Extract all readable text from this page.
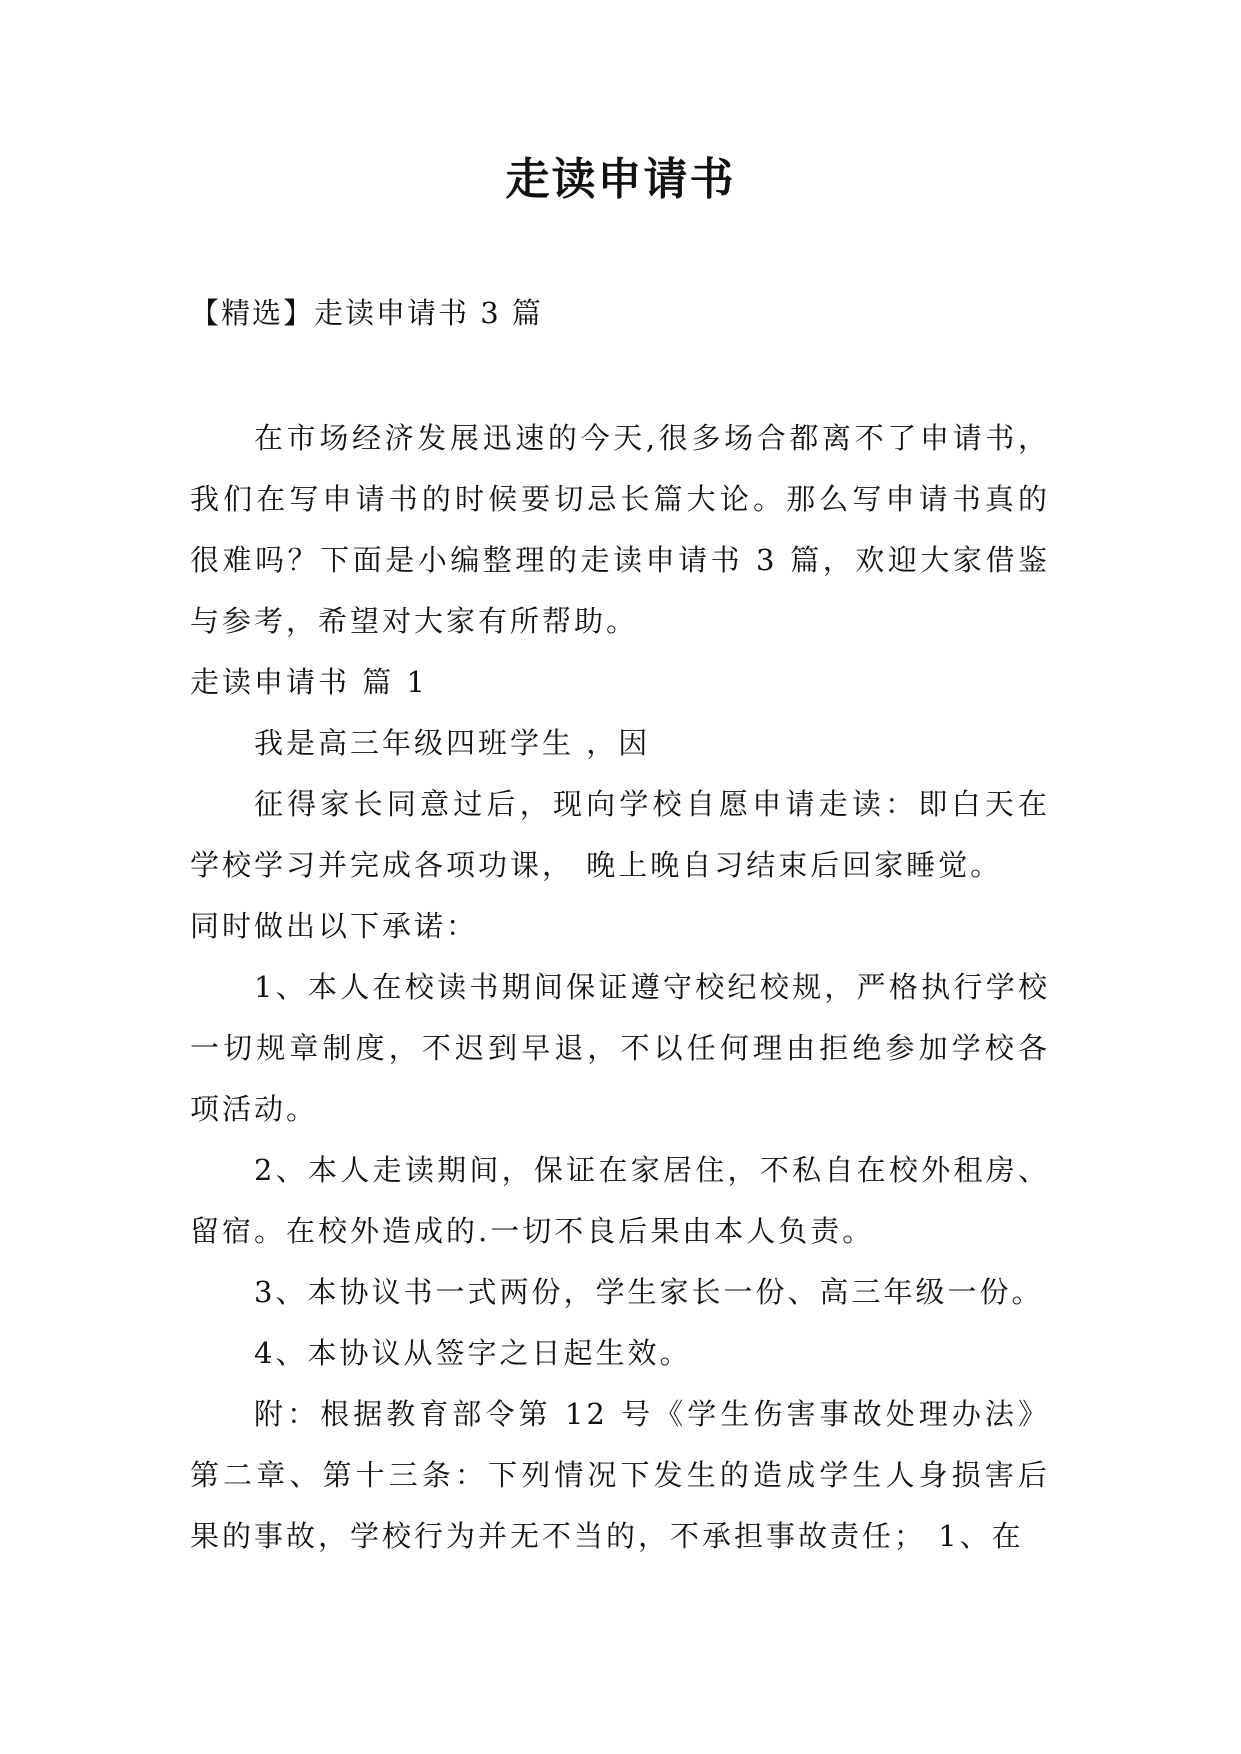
走读申请书

【精选】走读申请书 3 篇

在市场经济发展迅速的今天,很多场合都离不了申请书，我们在写申请书的时候要切忌长篇大论。那么写申请书真的很难吗？下面是小编整理的走读申请书 3 篇，欢迎大家借鉴与参考，希望对大家有所帮助。

走读申请书 篇 1

我是高三年级四班学生 ，因

征得家长同意过后，现向学校自愿申请走读：即白天在学校学习并完成各项功课， 晚上晚自习结束后回家睡觉。

同时做出以下承诺：

1、本人在校读书期间保证遵守校纪校规，严格执行学校一切规章制度，不迟到早退，不以任何理由拒绝参加学校各项活动。

2、本人走读期间，保证在家居住，不私自在校外租房、留宿。在校外造成的.一切不良后果由本人负责。

3、本协议书一式两份，学生家长一份、高三年级一份。

4、本协议从签字之日起生效。

附：根据教育部令第 12 号《学生伤害事故处理办法》第二章、第十三条：下列情况下发生的造成学生人身损害后果的事故，学校行为并无不当的，不承担事故责任； 1、在
